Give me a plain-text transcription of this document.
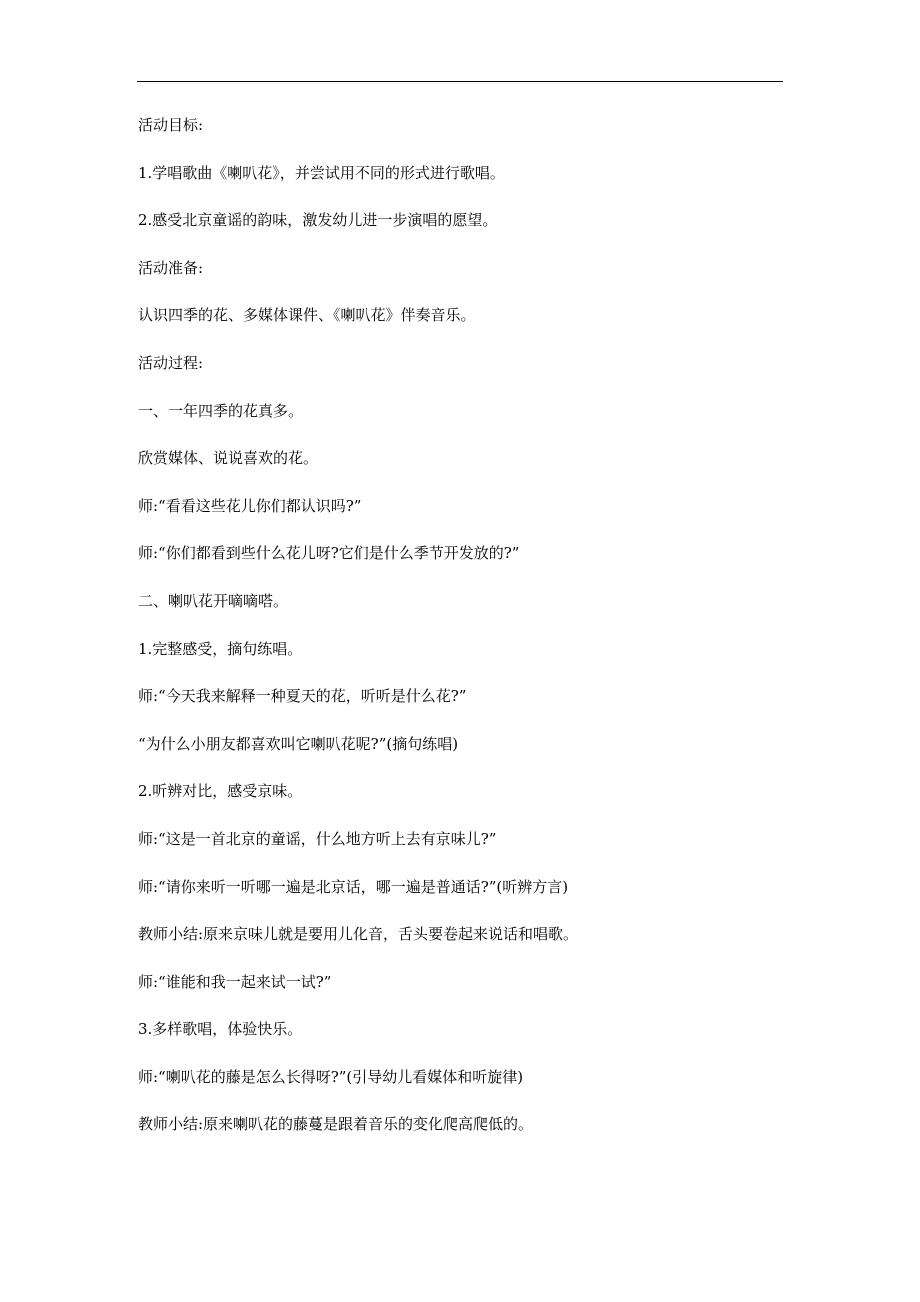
活动目标:
1.学唱歌曲《喇叭花》，并尝试用不同的形式进行歌唱。
2.感受北京童谣的韵味，激发幼儿进一步演唱的愿望。
活动准备:
认识四季的花、多媒体课件、《喇叭花》伴奏音乐。
活动过程:
一、一年四季的花真多。
欣赏媒体、说说喜欢的花。
师:“看看这些花儿你们都认识吗?”
师:“你们都看到些什么花儿呀?它们是什么季节开发放的?”
二、喇叭花开嘀嘀嗒。
1.完整感受，摘句练唱。
师:“今天我来解释一种夏天的花，听听是什么花?”
“为什么小朋友都喜欢叫它喇叭花呢?”(摘句练唱)
2.听辨对比，感受京味。
师:“这是一首北京的童谣，什么地方听上去有京味儿?”
师:“请你来听一听哪一遍是北京话，哪一遍是普通话?”(听辨方言)
教师小结:原来京味儿就是要用儿化音，舌头要卷起来说话和唱歌。
师:“谁能和我一起来试一试?”
3.多样歌唱，体验快乐。
师:“喇叭花的藤是怎么长得呀?”(引导幼儿看媒体和听旋律)
教师小结:原来喇叭花的藤蔓是跟着音乐的变化爬高爬低的。
